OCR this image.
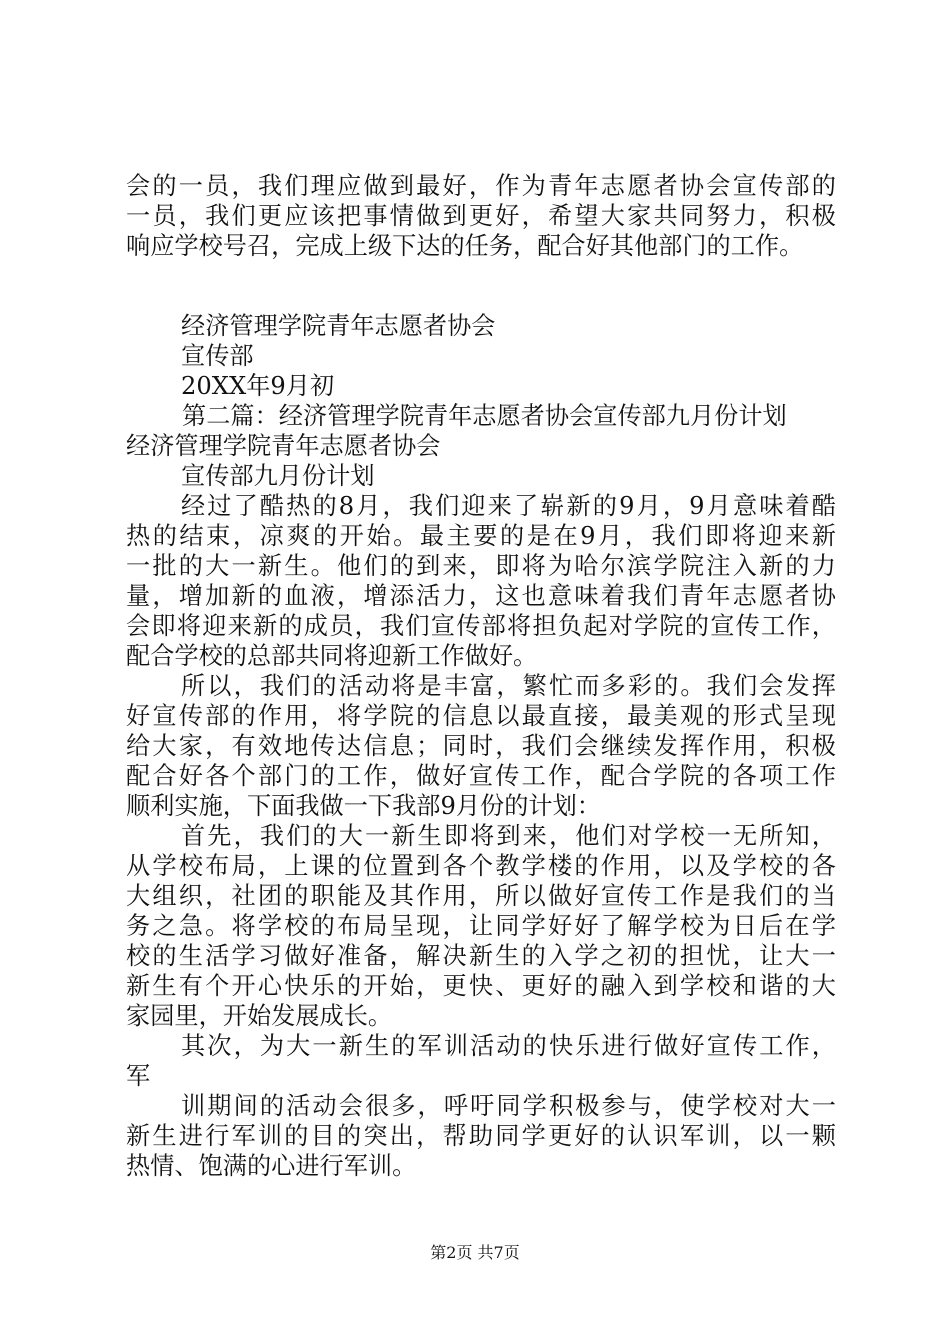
会的一员，我们理应做到最好，作为青年志愿者协会宣传部的
一员，我们更应该把事情做到更好，希望大家共同努力，积极
响应学校号召，完成上级下达的任务，配合好其他部门的工作。
经济管理学院青年志愿者协会
宣传部
20XX年9月初
第二篇：经济管理学院青年志愿者协会宣传部九月份计划
经济管理学院青年志愿者协会
宣传部九月份计划
经过了酷热的8月，我们迎来了崭新的9月，9月意味着酷
热的结束，凉爽的开始。最主要的是在9月，我们即将迎来新
一批的大一新生。他们的到来，即将为哈尔滨学院注入新的力
量，增加新的血液，增添活力，这也意味着我们青年志愿者协
会即将迎来新的成员，我们宣传部将担负起对学院的宣传工作，
配合学校的总部共同将迎新工作做好。
所以，我们的活动将是丰富，繁忙而多彩的。我们会发挥
好宣传部的作用，将学院的信息以最直接，最美观的形式呈现
给大家，有效地传达信息；同时，我们会继续发挥作用，积极
配合好各个部门的工作，做好宣传工作，配合学院的各项工作
顺利实施，下面我做一下我部9月份的计划：
首先，我们的大一新生即将到来，他们对学校一无所知，
从学校布局，上课的位置到各个教学楼的作用，以及学校的各
大组织，社团的职能及其作用，所以做好宣传工作是我们的当
务之急。将学校的布局呈现，让同学好好了解学校为日后在学
校的生活学习做好准备，解决新生的入学之初的担忧，让大一
新生有个开心快乐的开始，更快、更好的融入到学校和谐的大
家园里，开始发展成长。
其次，为大一新生的军训活动的快乐进行做好宣传工作，
军
训期间的活动会很多，呼吁同学积极参与，使学校对大一
新生进行军训的目的突出，帮助同学更好的认识军训，以一颗
热情、饱满的心进行军训。
第2页 共7页
